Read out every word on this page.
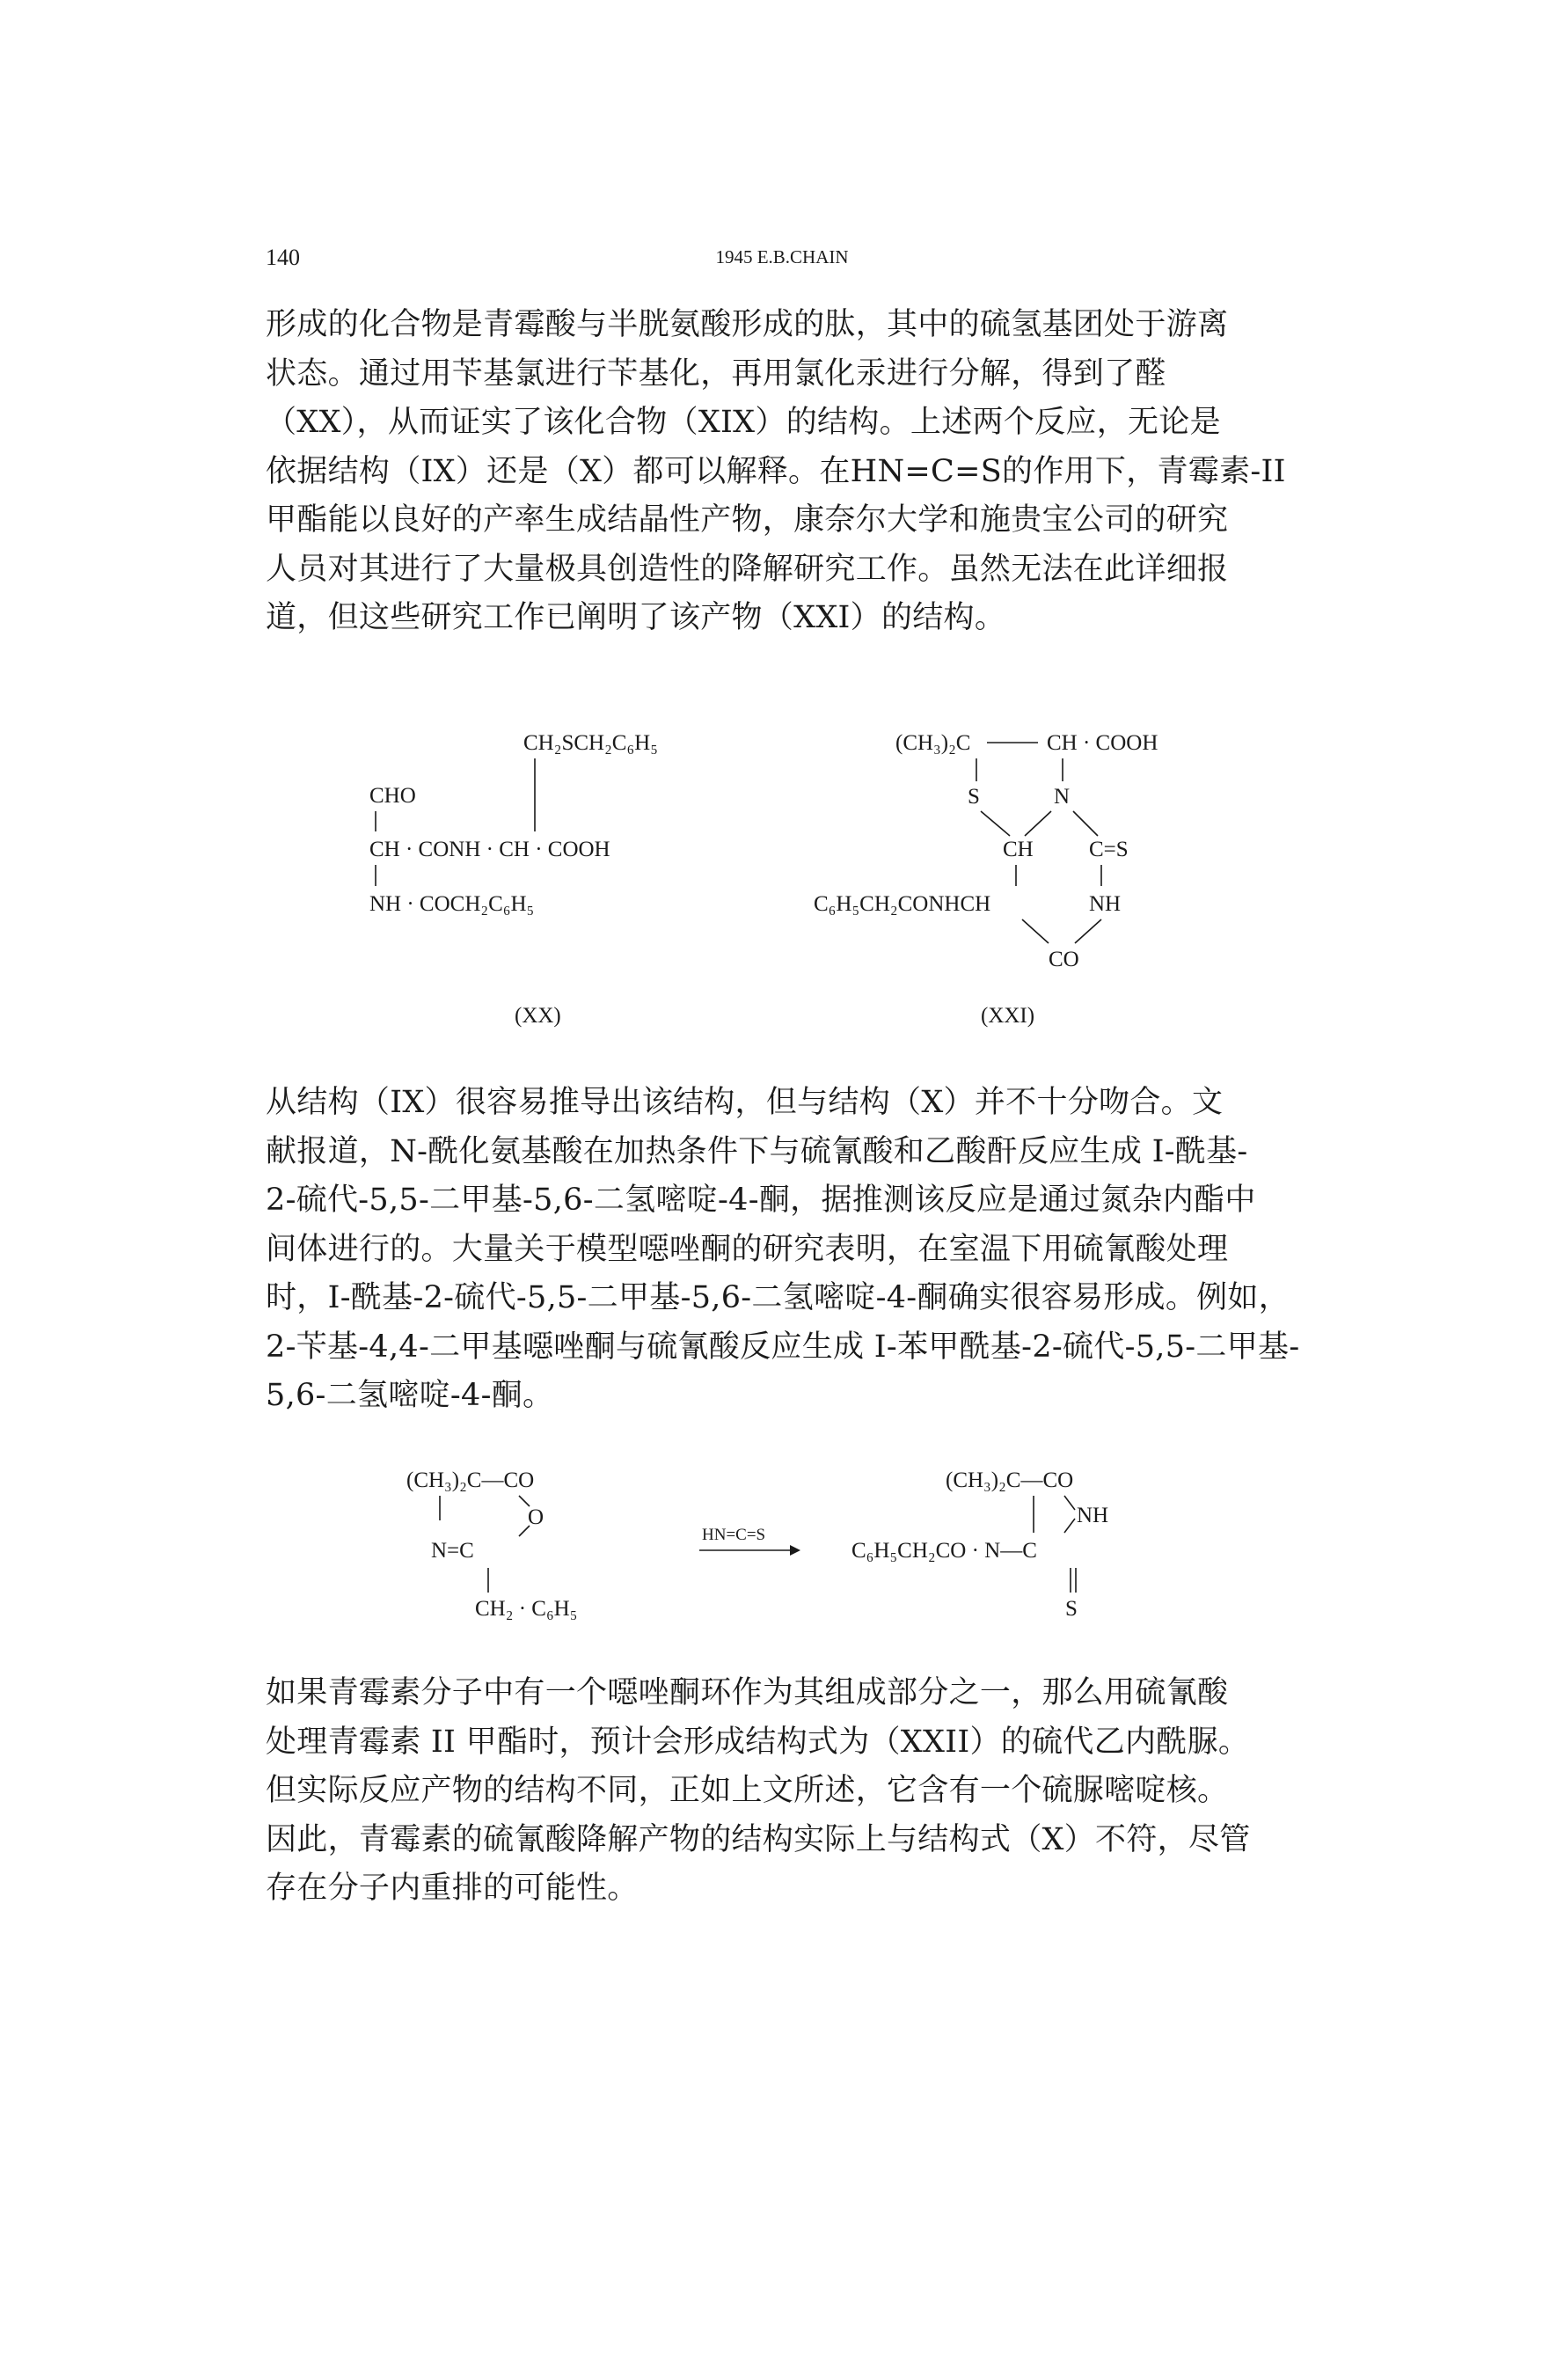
140	1945 E.B.CHAIN
形成的化合物是青霉酸与半胱氨酸形成的肽，其中的硫氢基团处于游离
状态。通过用苄基氯进行苄基化，再用氯化汞进行分解，得到了醛
（XX），从而证实了该化合物（XIX）的结构。上述两个反应，无论是
依据结构（IX）还是（X）都可以解释。在HN=C=S的作用下，青霉素-II
甲酯能以良好的产率生成结晶性产物，康奈尔大学和施贵宝公司的研究
人员对其进行了大量极具创造性的降解研究工作。虽然无法在此详细报
道，但这些研究工作已阐明了该产物（XXI）的结构。
CH₂SCH₂C₆H₅
CHO
CH · CONH · CH · COOH
NH · COCH₂C₆H₅
(XX)
(CH₃)₂C	CH · COOH
S	N
CH	C=S
C₆H₅CH₂CONHCH	NH
CO
(XXI)
从结构（IX）很容易推导出该结构，但与结构（X）并不十分吻合。文
献报道，N-酰化氨基酸在加热条件下与硫氰酸和乙酸酐反应生成 I-酰基-
2-硫代-5,5-二甲基-5,6-二氢嘧啶-4-酮，据推测该反应是通过氮杂内酯中
间体进行的。大量关于模型噁唑酮的研究表明，在室温下用硫氰酸处理
时，I-酰基-2-硫代-5,5-二甲基-5,6-二氢嘧啶-4-酮确实很容易形成。例如，
2-苄基-4,4-二甲基噁唑酮与硫氰酸反应生成 I-苯甲酰基-2-硫代-5,5-二甲基-
5,6-二氢嘧啶-4-酮。
(CH₃)₂C—CO
O
N=C
CH₂ · C₆H₅
HN=C=S
(CH₃)₂C—CO
NH
C₆H₅CH₂CO · N—C
S
如果青霉素分子中有一个噁唑酮环作为其组成部分之一，那么用硫氰酸
处理青霉素 II 甲酯时，预计会形成结构式为（XXII）的硫代乙内酰脲。
但实际反应产物的结构不同，正如上文所述，它含有一个硫脲嘧啶核。
因此，青霉素的硫氰酸降解产物的结构实际上与结构式（X）不符，尽管
存在分子内重排的可能性。
